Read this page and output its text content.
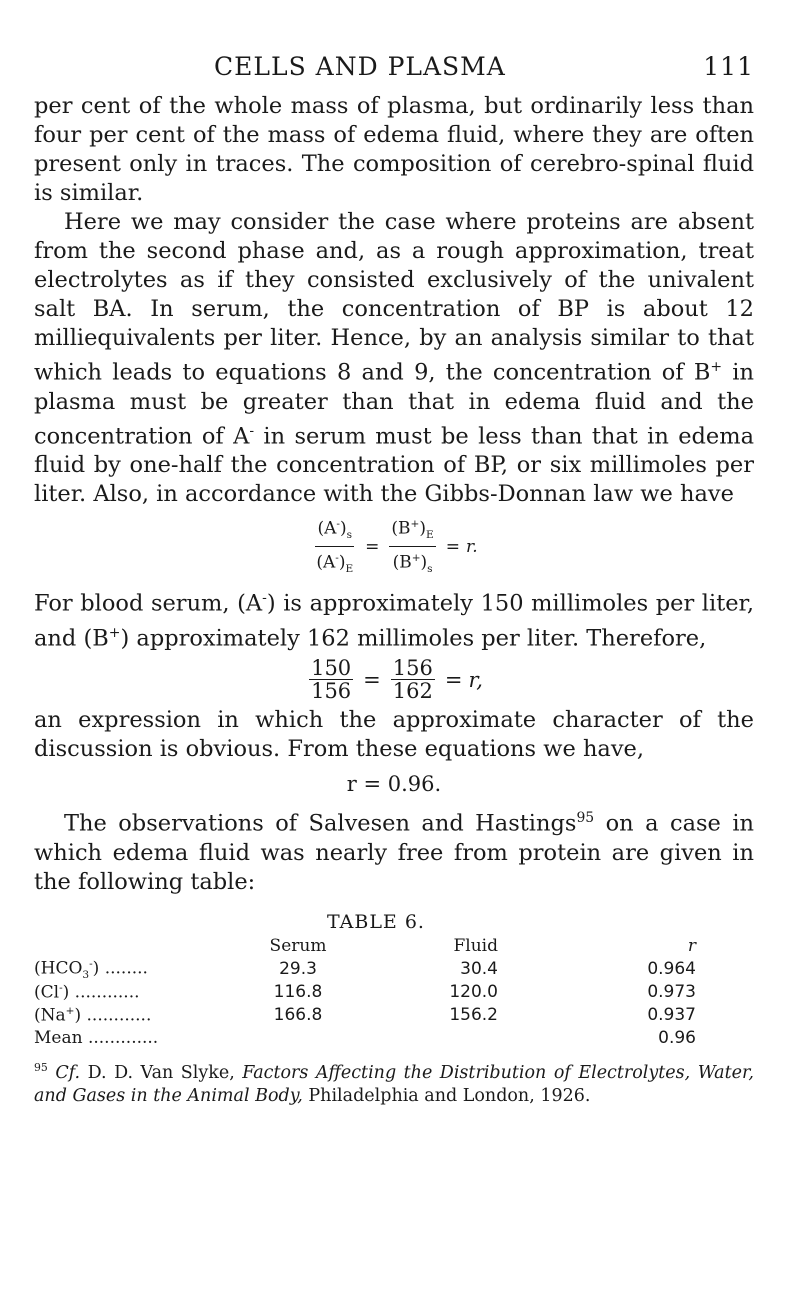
CELLS AND PLASMA	111

per cent of the whole mass of plasma, but ordinarily less than four per cent of the mass of edema fluid, where they are often present only in traces. The composition of cerebro-spinal fluid is similar.

Here we may consider the case where proteins are absent from the second phase and, as a rough approximation, treat electrolytes as if they consisted exclusively of the univalent salt BA. In serum, the concentration of BP is about 12 milliequivalents per liter. Hence, by an analysis similar to that which leads to equations 8 and 9, the concentration of B+ in plasma must be greater than that in edema fluid and the concentration of A- in serum must be less than that in edema fluid by one-half the concentration of BP, or six millimoles per liter. Also, in accordance with the Gibbs-Donnan law we have

$\frac{(A^-)_s}{(A^-)_E} = \frac{(B^+)_E}{(B^+)_s} = r$.

For blood serum, (A-) is approximately 150 millimoles per liter, and (B+) approximately 162 millimoles per liter. Therefore,

$\frac{150}{156} = \frac{156}{162} = r$,

an expression in which the approximate character of the discussion is obvious. From these equations we have,

r = 0.96.

The observations of Salvesen and Hastings$^{95}$ on a case in which edema fluid was nearly free from protein are given in the following table:

TABLE 6.
	Serum	Fluid	r
$(HCO_3^-)$ ........	29.3	30.4	0.964
(Cl-) ............	116.8	120.0	0.973
(Na+) ............	166.8	156.2	0.937
Mean .............			0.96
$^{95}$ Cf. D. D. Van Slyke, Factors Affecting the Distribution of Electrolytes, Water, and Gases in the Animal Body, Philadelphia and London, 1926.
